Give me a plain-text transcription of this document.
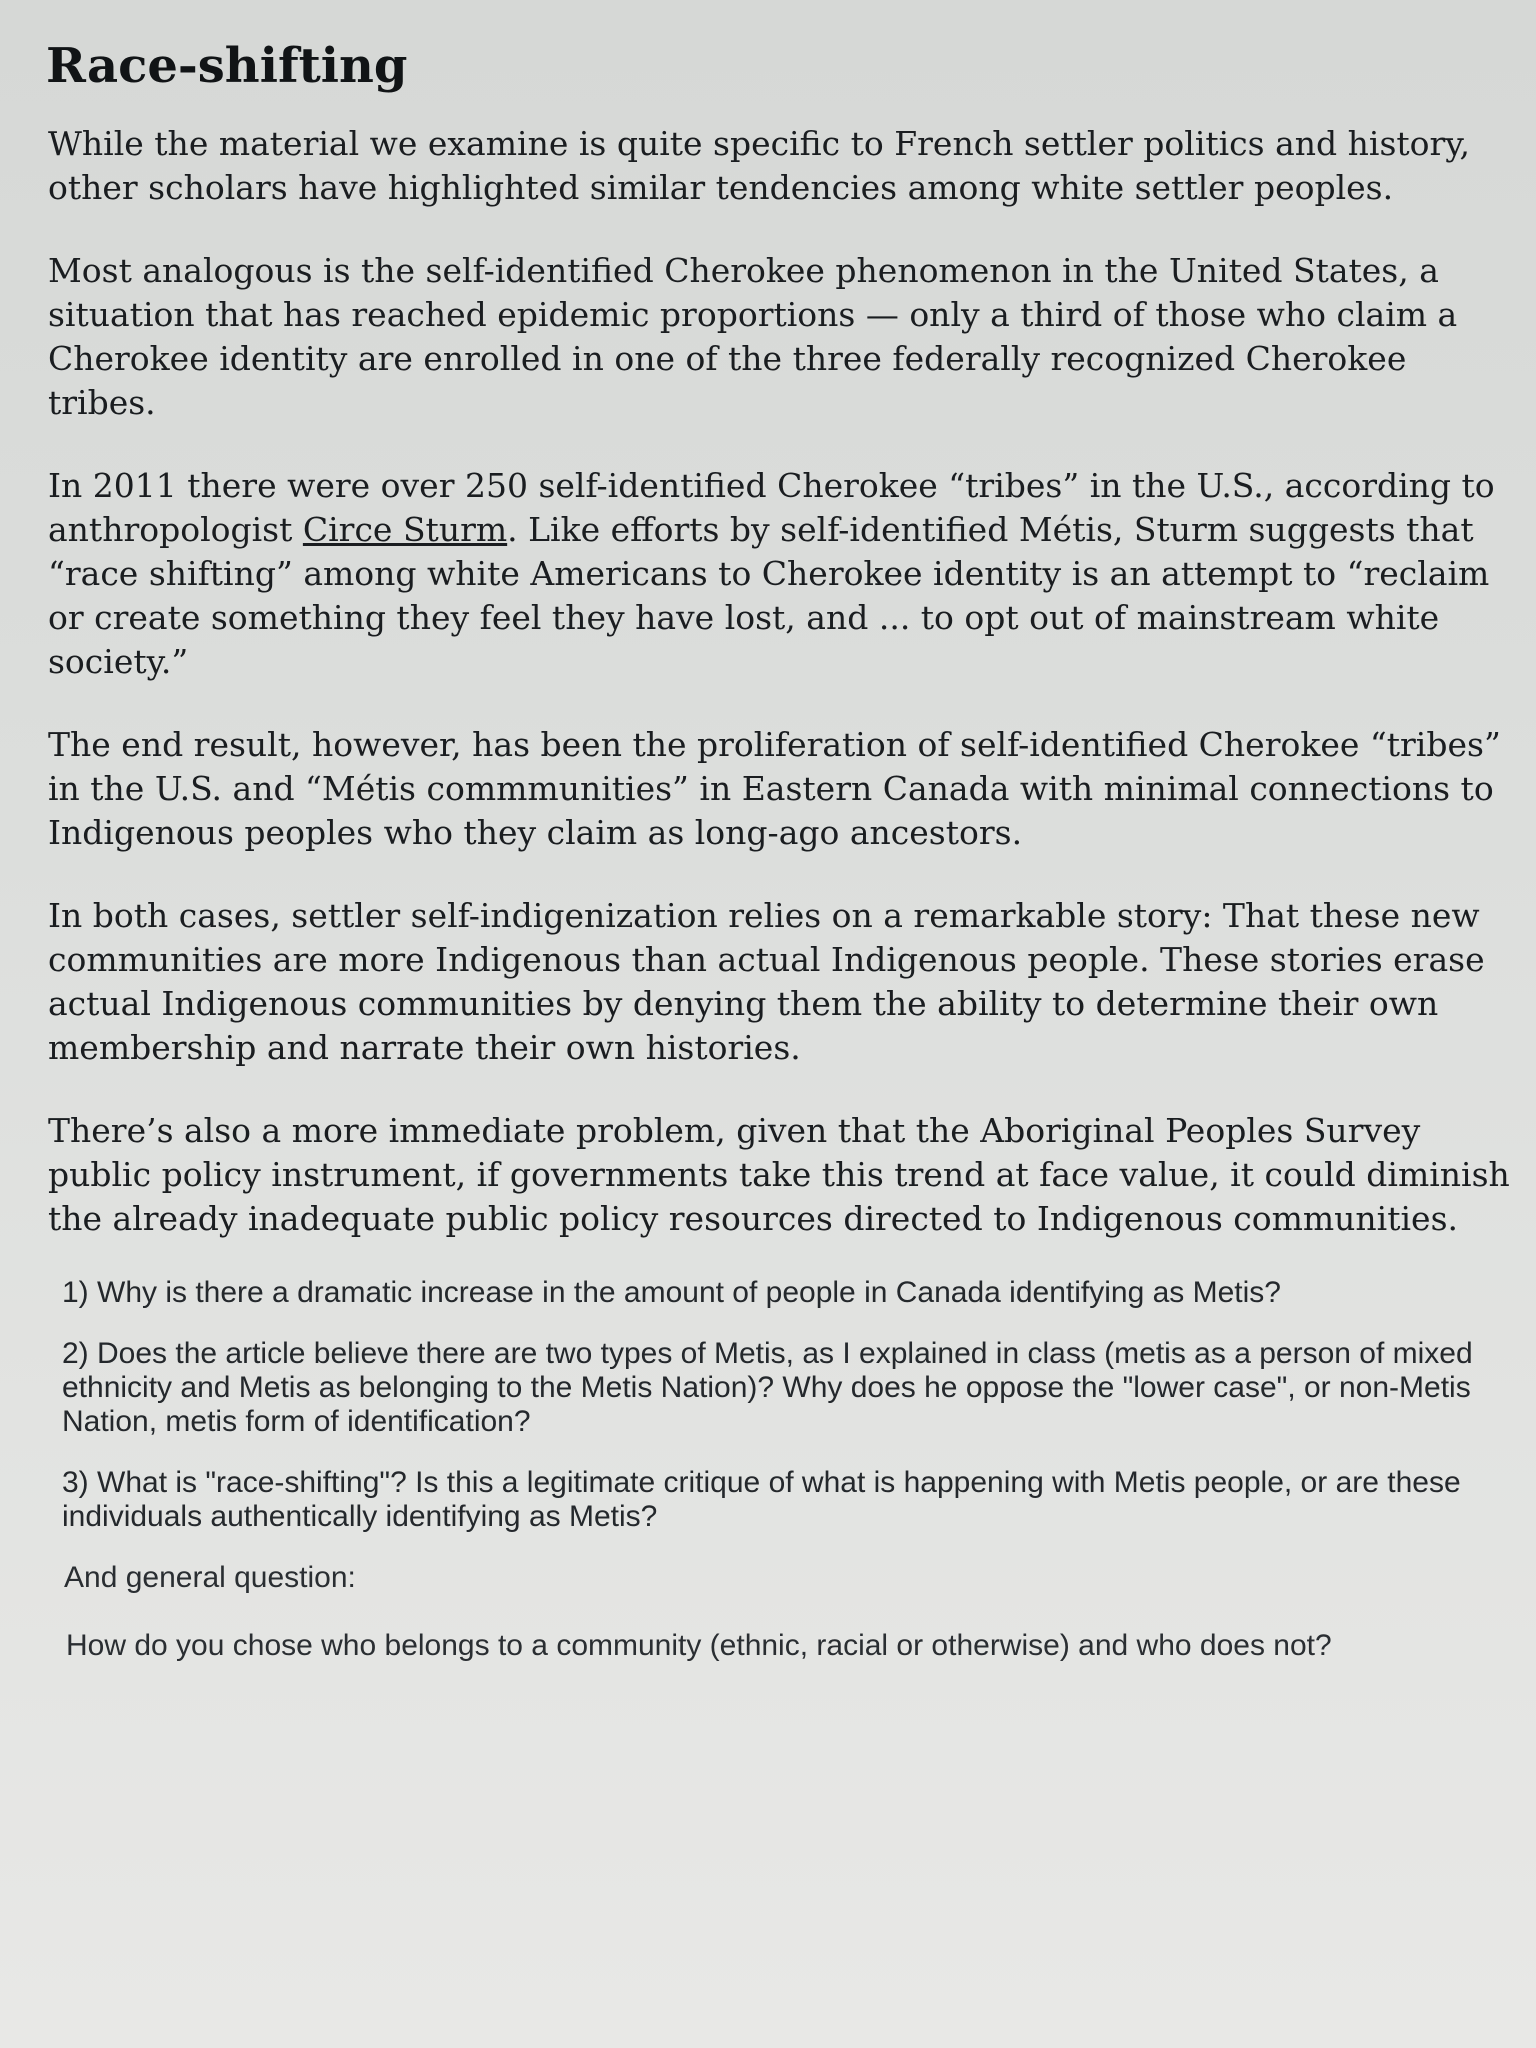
Race-shifting

While the material we examine is quite specific to French settler politics and history, other scholars have highlighted similar tendencies among white settler peoples.

Most analogous is the self-identified Cherokee phenomenon in the United States, a situation that has reached epidemic proportions — only a third of those who claim a Cherokee identity are enrolled in one of the three federally recognized Cherokee tribes.

In 2011 there were over 250 self-identified Cherokee “tribes” in the U.S., according to anthropologist Circe Sturm. Like efforts by self-identified Métis, Sturm suggests that “race shifting” among white Americans to Cherokee identity is an attempt to “reclaim or create something they feel they have lost, and ... to opt out of mainstream white society.”

The end result, however, has been the proliferation of self-identified Cherokee “tribes” in the U.S. and “Métis commmunities” in Eastern Canada with minimal connections to Indigenous peoples who they claim as long-ago ancestors.

In both cases, settler self-indigenization relies on a remarkable story: That these new communities are more Indigenous than actual Indigenous people. These stories erase actual Indigenous communities by denying them the ability to determine their own membership and narrate their own histories.

There’s also a more immediate problem, given that the Aboriginal Peoples Survey public policy instrument, if governments take this trend at face value, it could diminish the already inadequate public policy resources directed to Indigenous communities.

1) Why is there a dramatic increase in the amount of people in Canada identifying as Metis?

2) Does the article believe there are two types of Metis, as I explained in class (metis as a person of mixed ethnicity and Metis as belonging to the Metis Nation)? Why does he oppose the "lower case", or non-Metis Nation, metis form of identification?

3) What is "race-shifting"? Is this a legitimate critique of what is happening with Metis people, or are these individuals authentically identifying as Metis?

And general question:

How do you chose who belongs to a community (ethnic, racial or otherwise) and who does not?
